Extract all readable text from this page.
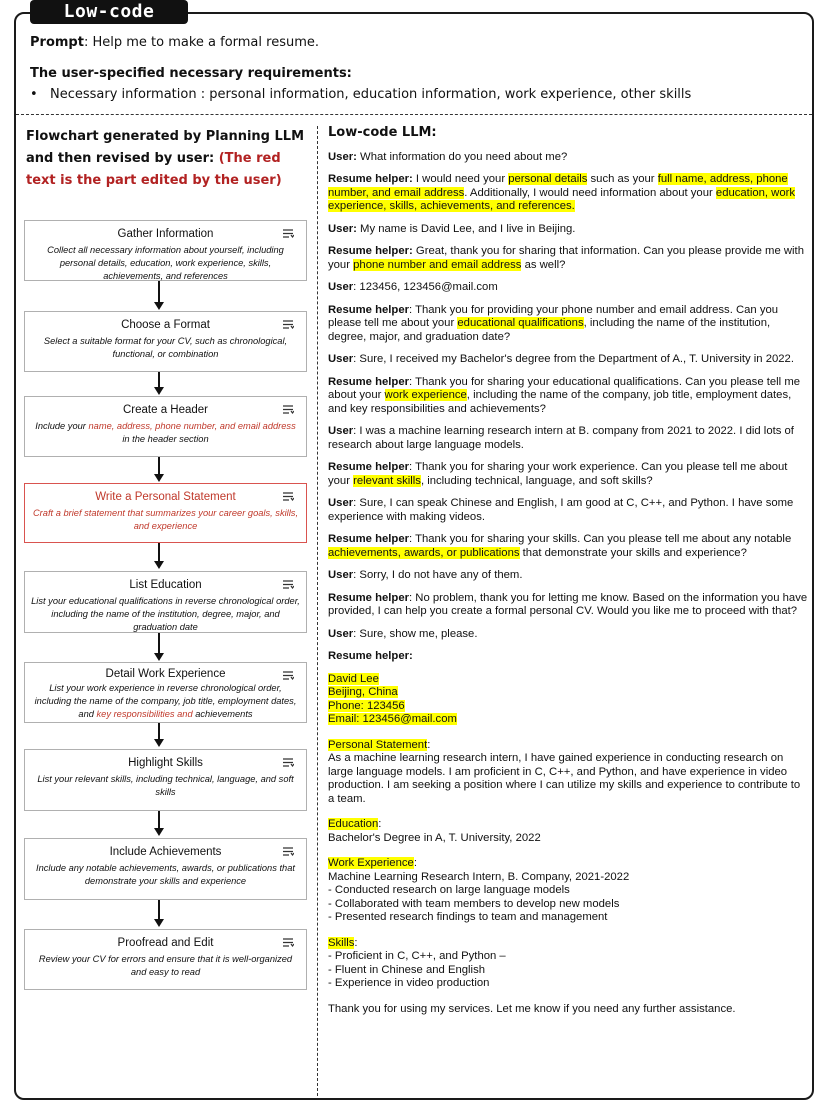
Low-code
Prompt: Help me to make a formal resume.
The user-specified necessary requirements:
• Necessary information : personal information, education information, work experience, other skills
Flowchart generated by Planning LLM and then revised by user: (The red text is the part edited by the user)
Gather Information
Collect all necessary information about yourself, including personal details, education, work experience, skills, achievements, and references
Choose a Format
Select a suitable format for your CV, such as chronological, functional, or combination
Create a Header
Include your name, address, phone number, and email address in the header section
Write a Personal Statement
Craft a brief statement that summarizes your career goals, skills, and experience
List Education
List your educational qualifications in reverse chronological order, including the name of the institution, degree, major, and graduation date
Detail Work Experience
List your work experience in reverse chronological order, including the name of the company, job title, employment dates, and key responsibilities and achievements
Highlight Skills
List your relevant skills, including technical, language, and soft skills
Include Achievements
Include any notable achievements, awards, or publications that demonstrate your skills and experience
Proofread and Edit
Review your CV for errors and ensure that it is well-organized and easy to read
Low-code LLM:

User: What information do you need about me?

Resume helper: I would need your personal details such as your full name, address, phone number, and email address. Additionally, I would need information about your education, work experience, skills, achievements, and references.

User: My name is David Lee, and I live in Beijing.

Resume helper: Great, thank you for sharing that information. Can you please provide me with your phone number and email address as well?

User: 123456, 123456@mail.com

Resume helper: Thank you for providing your phone number and email address. Can you please tell me about your educational qualifications, including the name of the institution, degree, major, and graduation date?

User: Sure, I received my Bachelor's degree from the Department of A., T. University in 2022.

Resume helper: Thank you for sharing your educational qualifications. Can you please tell me about your work experience, including the name of the company, job title, employment dates, and key responsibilities and achievements?

User: I was a machine learning research intern at B. company from 2021 to 2022. I did lots of research about large language models.

Resume helper: Thank you for sharing your work experience. Can you please tell me about your relevant skills, including technical, language, and soft skills?

User: Sure, I can speak Chinese and English, I am good at C, C++, and Python. I have some experience with making videos.

Resume helper: Thank you for sharing your skills. Can you please tell me about any notable achievements, awards, or publications that demonstrate your skills and experience?

User: Sorry, I do not have any of them.

Resume helper: No problem, thank you for letting me know. Based on the information you have provided, I can help you create a formal personal CV. Would you like me to proceed with that?

User: Sure, show me, please.

Resume helper:

David Lee

Beijing, China

Phone: 123456

Email: 123456@mail.com

Personal Statement:

As a machine learning research intern, I have gained experience in conducting research on large language models. I am proficient in C, C++, and Python, and have experience in video production. I am seeking a position where I can utilize my skills and experience to contribute to a team.

Education:

Bachelor's Degree in A, T. University, 2022

Work Experience:

Machine Learning Research Intern, B. Company, 2021-2022

- Conducted research on large language models
- Collaborated with team members to develop new models
- Presented research findings to team and management

Skills:

- Proficient in C, C++, and Python –
- Fluent in Chinese and English
- Experience in video production

Thank you for using my services. Let me know if you need any further assistance.
